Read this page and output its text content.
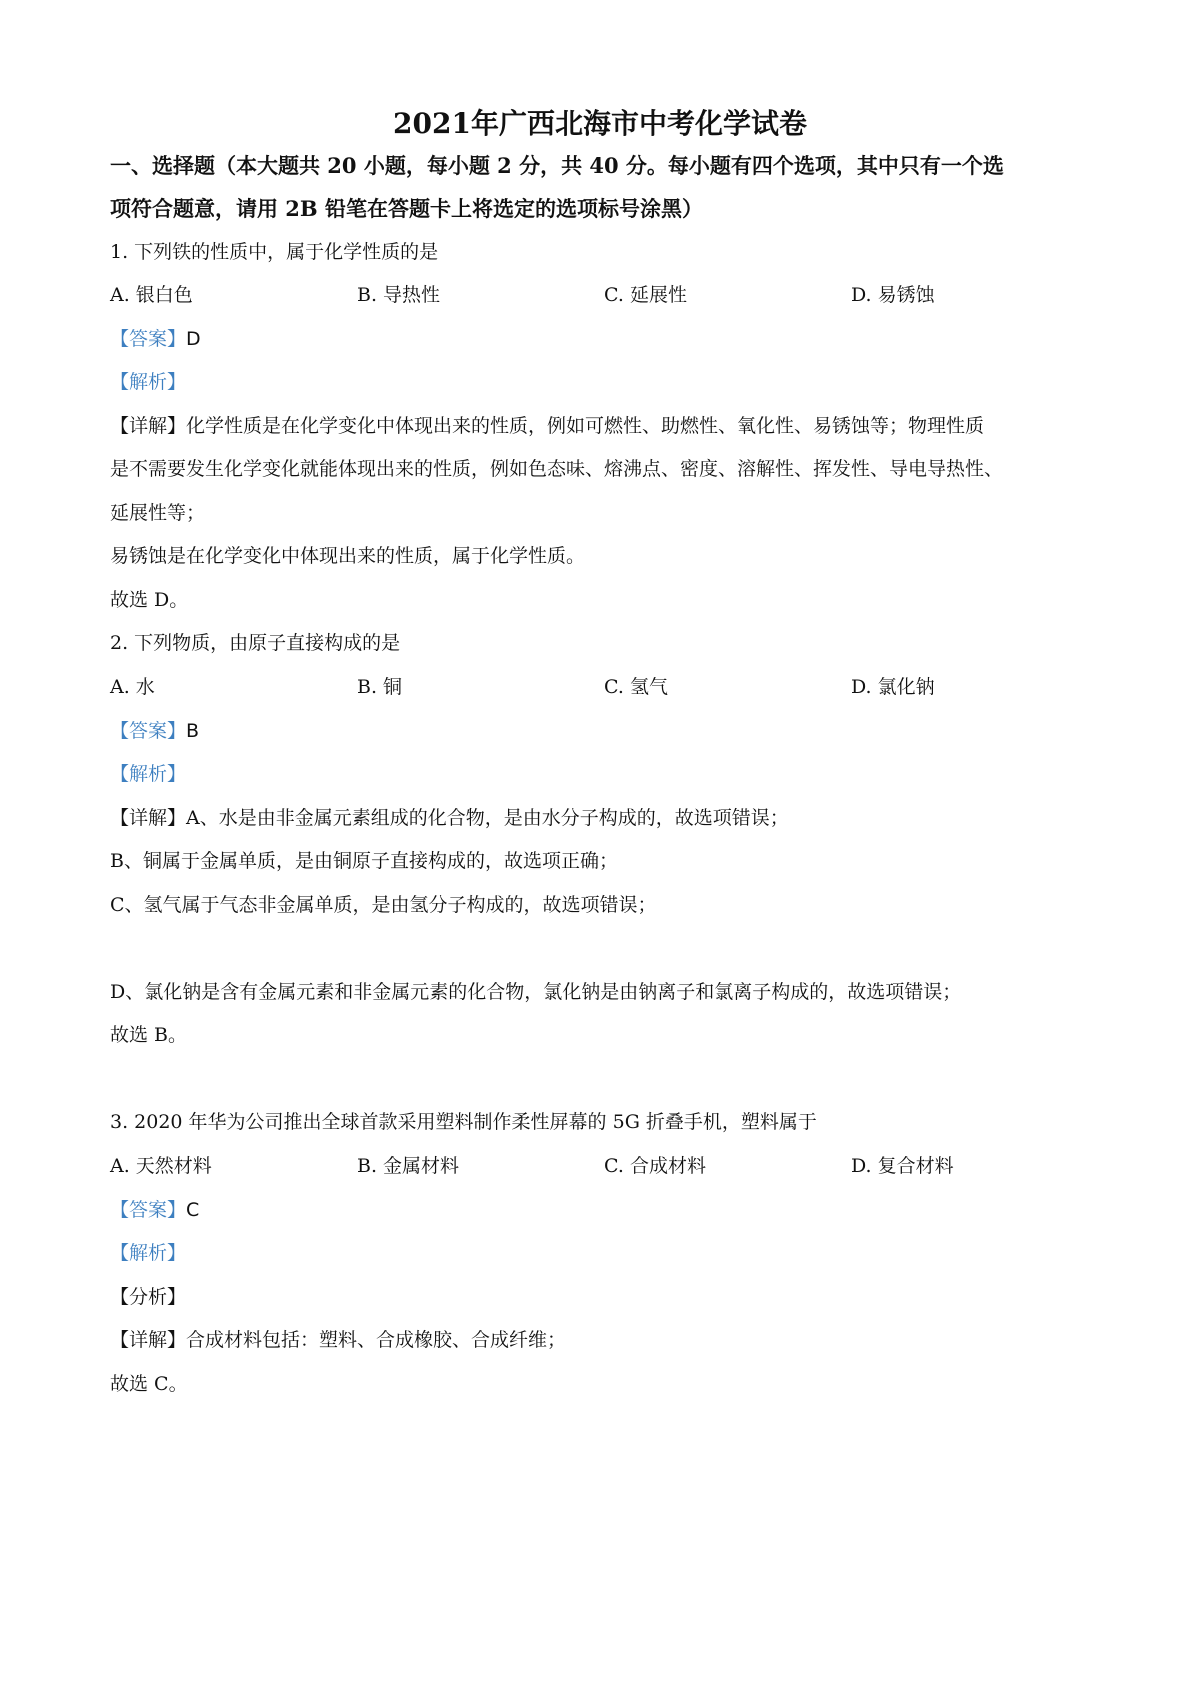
2021年广西北海市中考化学试卷
一、选择题（本大题共 20 小题，每小题 2 分，共 40 分。每小题有四个选项，其中只有一个选
项符合题意，请用 2B 铅笔在答题卡上将选定的选项标号涂黑）
1. 下列铁的性质中，属于化学性质的是
A. 银白色	B. 导热性	C. 延展性	D. 易锈蚀
【答案】D
【解析】
【详解】化学性质是在化学变化中体现出来的性质，例如可燃性、助燃性、氧化性、易锈蚀等；物理性质
是不需要发生化学变化就能体现出来的性质，例如色态味、熔沸点、密度、溶解性、挥发性、导电导热性、
延展性等；
易锈蚀是在化学变化中体现出来的性质，属于化学性质。
故选 D。
2. 下列物质，由原子直接构成的是
A. 水	B. 铜	C. 氢气	D. 氯化钠
【答案】B
【解析】
【详解】A、水是由非金属元素组成的化合物，是由水分子构成的，故选项错误；
B、铜属于金属单质，是由铜原子直接构成的，故选项正确；
C、氢气属于气态非金属单质，是由氢分子构成的，故选项错误；
D、氯化钠是含有金属元素和非金属元素的化合物，氯化钠是由钠离子和氯离子构成的，故选项错误；
故选 B。
3. 2020 年华为公司推出全球首款采用塑料制作柔性屏幕的 5G 折叠手机，塑料属于
A. 天然材料	B. 金属材料	C. 合成材料	D. 复合材料
【答案】C
【解析】
【分析】
【详解】合成材料包括：塑料、合成橡胶、合成纤维；
故选 C。
